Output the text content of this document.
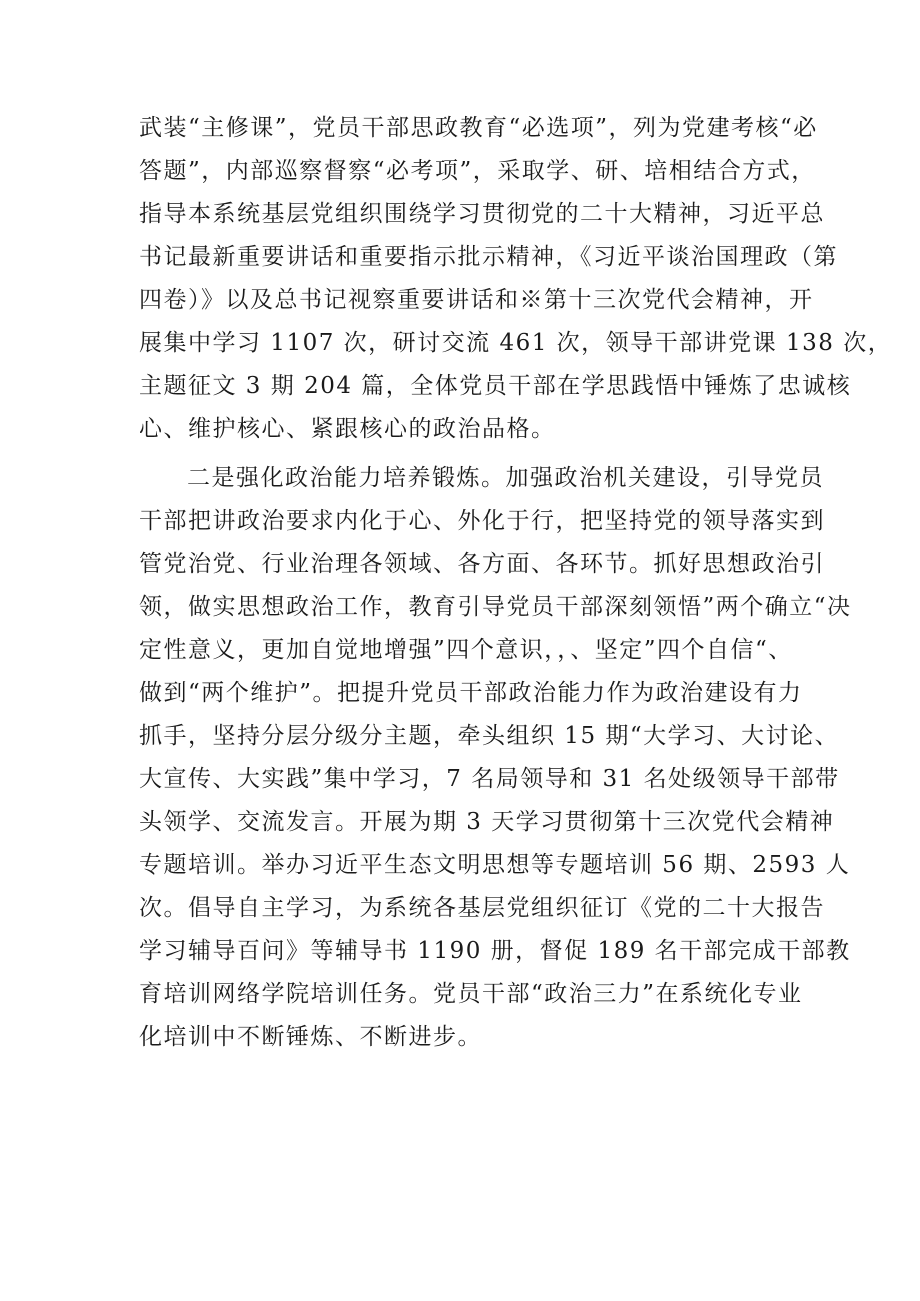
武装“主修课”，党员干部思政教育“必选项”，列为党建考核“必
答题”，内部巡察督察“必考项”，采取学、研、培相结合方式，
指导本系统基层党组织围绕学习贯彻党的二十大精神，习近平总
书记最新重要讲话和重要指示批示精神，《习近平谈治国理政（第
四卷）》以及总书记视察重要讲话和※第十三次党代会精神，开
展集中学习 1107 次，研讨交流 461 次，领导干部讲党课 138 次，
主题征文 3 期 204 篇，全体党员干部在学思践悟中锤炼了忠诚核
心、维护核心、紧跟核心的政治品格。
二是强化政治能力培养锻炼。加强政治机关建设，引导党员
干部把讲政治要求内化于心、外化于行，把坚持党的领导落实到
管党治党、行业治理各领域、各方面、各环节。抓好思想政治引
领，做实思想政治工作，教育引导党员干部深刻领悟”两个确立“决
定性意义，更加自觉地增强”四个意识，，、坚定”四个自信“、
做到“两个维护”。把提升党员干部政治能力作为政治建设有力
抓手，坚持分层分级分主题，牵头组织 15 期“大学习、大讨论、
大宣传、大实践”集中学习，7 名局领导和 31 名处级领导干部带
头领学、交流发言。开展为期 3 天学习贯彻第十三次党代会精神
专题培训。举办习近平生态文明思想等专题培训 56 期、2593 人
次。倡导自主学习，为系统各基层党组织征订《党的二十大报告
学习辅导百问》等辅导书 1190 册，督促 189 名干部完成干部教
育培训网络学院培训任务。党员干部“政治三力”在系统化专业
化培训中不断锤炼、不断进步。
